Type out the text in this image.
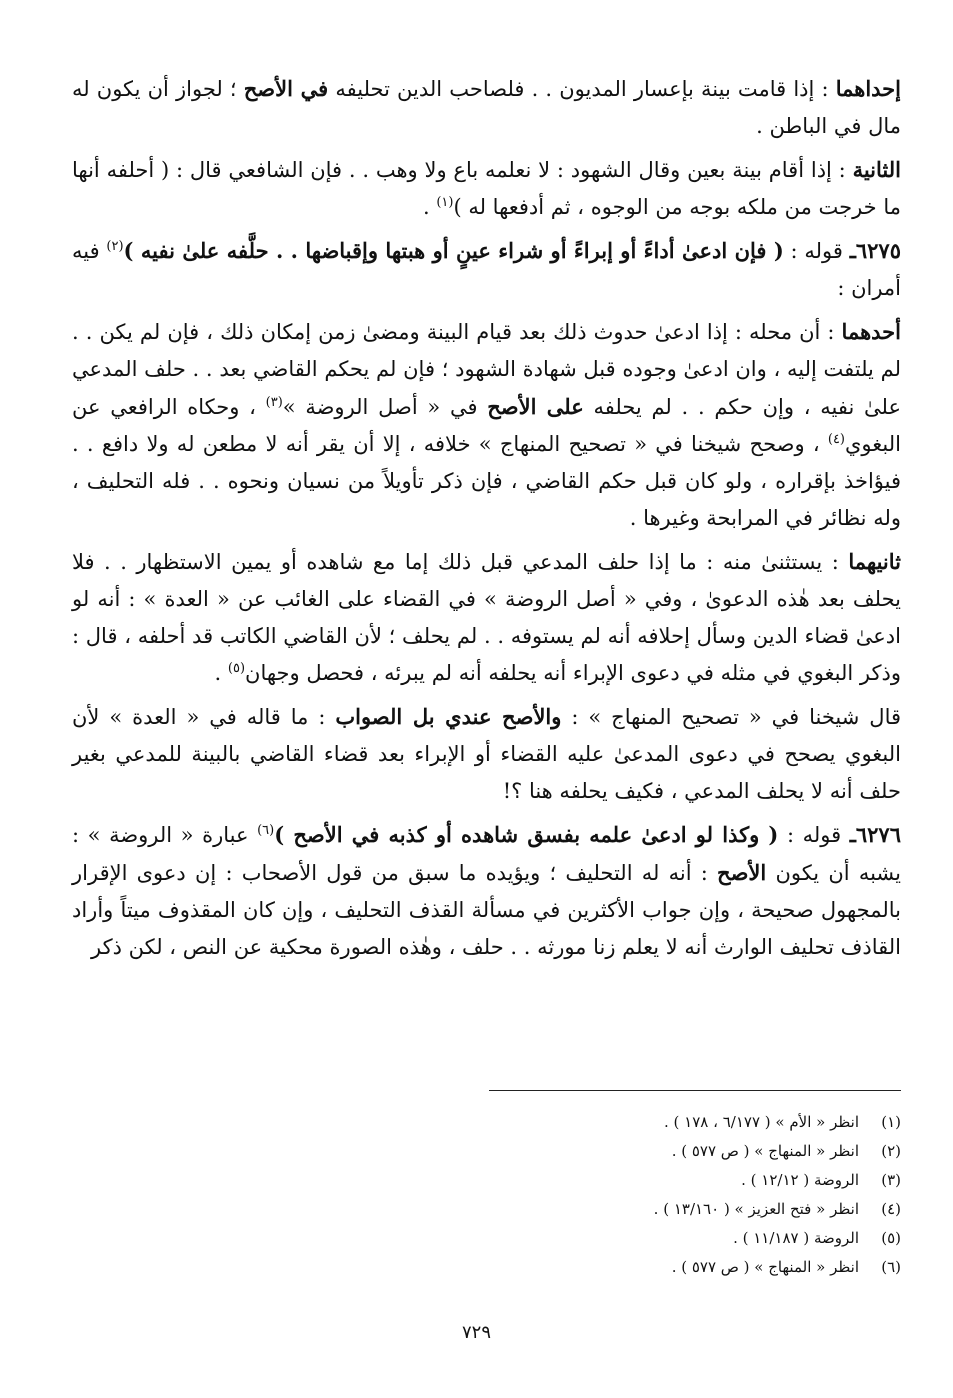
إحداهما : إذا قامت بينة بإعسار المديون . . فلصاحب الدين تحليفه في الأصح ؛ لجواز أن يكون له مال في الباطن .

الثانية : إذا أقام بينة بعين وقال الشهود : لا نعلمه باع ولا وهب . . فإن الشافعي قال : ( أحلفه أنها ما خرجت من ملكه بوجه من الوجوه ، ثم أدفعها له )$^{(١)}$ .

٦٢٧٥ـ قوله : ( فإن ادعىٰ أداءً أو إبراءً أو شراء عينٍ أو هبتها وإقباضها . . حلَّفه علىٰ نفيه )$^{(٢)}$ فيه أمران :

أحدهما : أن محله : إذا ادعىٰ حدوث ذلك بعد قيام البينة ومضىٰ زمن إمكان ذلك ، فإن لم يكن . . لم يلتفت إليه ، وان ادعىٰ وجوده قبل شهادة الشهود ؛ فإن لم يحكم القاضي بعد . . حلف المدعي علىٰ نفيه ، وإن حكم . . لم يحلفه على الأصح في « أصل الروضة »$^{(٣)}$ ، وحكاه الرافعي عن البغوي$^{(٤)}$ ، وصحح شيخنا في « تصحيح المنهاج » خلافه ، إلا أن يقر أنه لا مطعن له ولا دافع . . فيؤاخذ بإقراره ، ولو كان قبل حكم القاضي ، فإن ذكر تأويلاً من نسيان ونحوه . . فله التحليف ، وله نظائر في المرابحة وغيرها .

ثانيهما : يستثنىٰ منه : ما إذا حلف المدعي قبل ذلك إما مع شاهده أو يمين الاستظهار . . فلا يحلف بعد هٰذه الدعوىٰ ، وفي « أصل الروضة » في القضاء على الغائب عن « العدة » : أنه لو ادعىٰ قضاء الدين وسأل إحلافه أنه لم يستوفه . . لم يحلف ؛ لأن القاضي الكاتب قد أحلفه ، قال : وذكر البغوي في مثله في دعوى الإبراء أنه يحلفه أنه لم يبرئه ، فحصل وجهان$^{(٥)}$ .

قال شيخنا في « تصحيح المنهاج » : والأصح عندي بل الصواب : ما قاله في « العدة » لأن البغوي يصحح في دعوى المدعىٰ عليه القضاء أو الإبراء بعد قضاء القاضي بالبينة للمدعي بغير حلف أنه لا يحلف المدعي ، فكيف يحلفه هنا ؟!

٦٢٧٦ـ قوله : ( وكذا لو ادعىٰ علمه بفسق شاهده أو كذبه في الأصح )$^{(٦)}$ عبارة « الروضة » : يشبه أن يكون الأصح : أنه له التحليف ؛ ويؤيده ما سبق من قول الأصحاب : إن دعوى الإقرار بالمجهول صحيحة ، وإن جواب الأكثرين في مسألة القذف التحليف ، وإن كان المقذوف ميتاً وأراد القاذف تحليف الوارث أنه لا يعلم زنا مورثه . . حلف ، وهٰذه الصورة محكية عن النص ، لكن ذكر

(١)
انظر « الأم » ( ٦/١٧٧ ، ١٧٨ ) .
(٢)
انظر « المنهاج » ( ص ٥٧٧ ) .
(٣)
الروضة ( ١٢/١٢ ) .
(٤)
انظر « فتح العزيز » ( ١٣/١٦٠ ) .
(٥)
الروضة ( ١١/١٨٧ ) .
(٦)
انظر « المنهاج » ( ص ٥٧٧ ) .
٧٢٩
